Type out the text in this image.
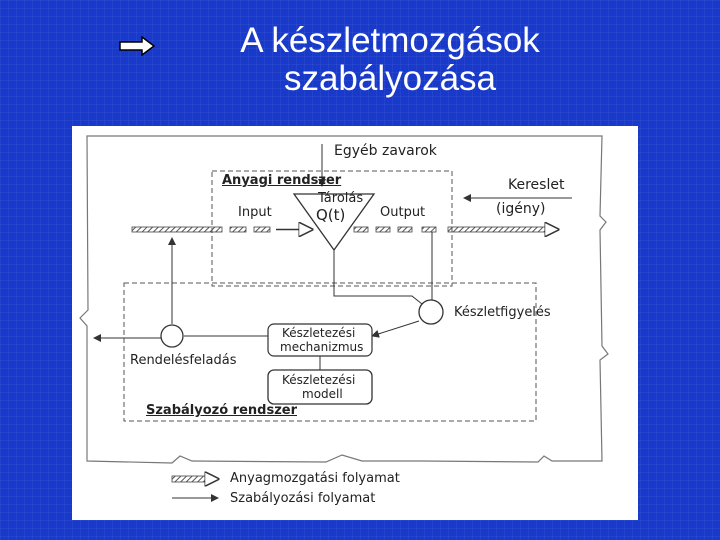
A készletmozgások
szabályozása
Egyéb zavarok
Anyagi rendszer
Tárolás
Q(t)
Input	Output
Kereslet
(igény)
Készletfigyelés
Készletezési
mechanizmus
Készletezési
modell
Rendelésfeladás
Szabályozó rendszer
Anyagmozgatási folyamat
Szabályozási folyamat
